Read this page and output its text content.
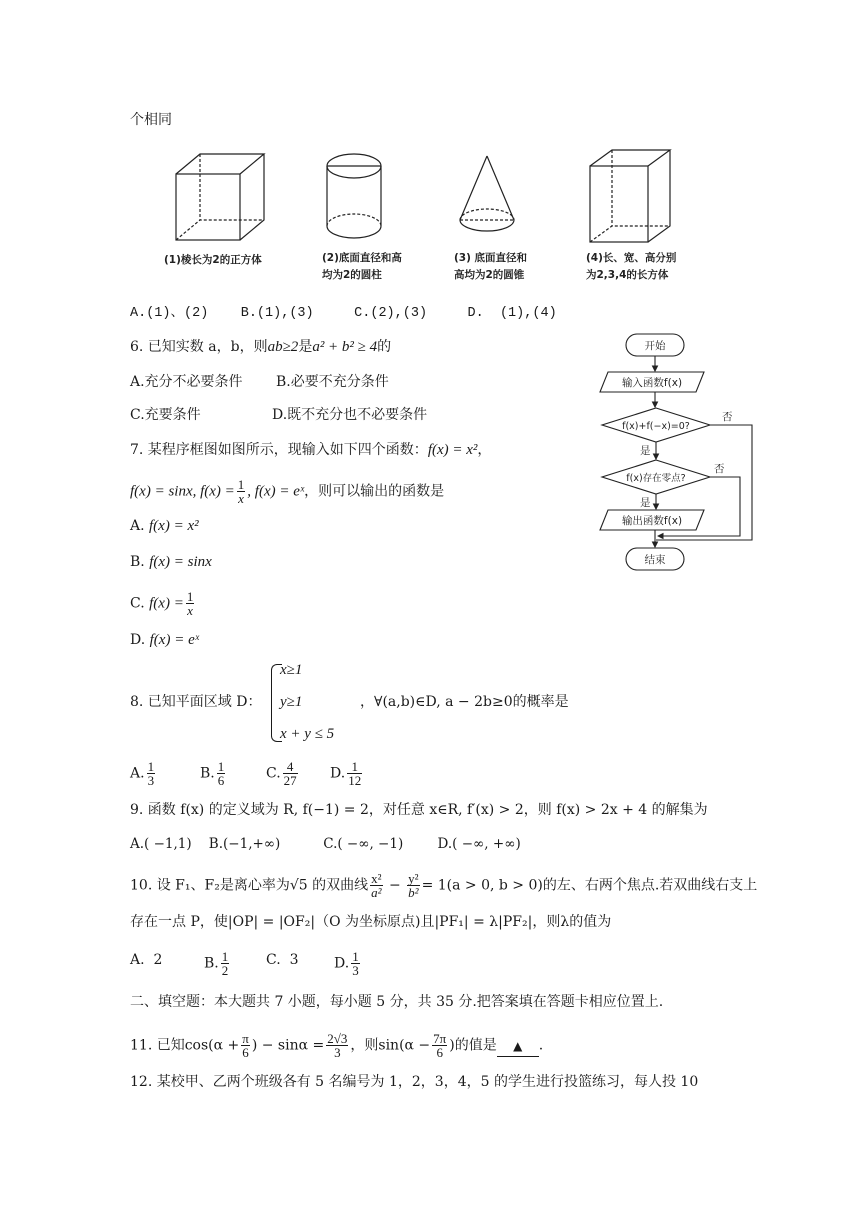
个相同
(1)棱长为2的正方体	(2)底面直径和高
均为2的圆柱
(3) 底面直径和
高均为2的圆锥
(4)长、宽、高分别
为2,3,4的长方体
A.(1)、(2)    B.(1),(3)     C.(2),(3)     D.  (1),(4)
6. 已知实数 a，b，则ab≥2是a² + b² ≥ 4的
A.充分不必要条件 B.必要不充分条件
C.充要条件	D.既不充分也不必要条件
7. 某程序框图如图所示，现输入如下四个函数：f(x) = x²，
f(x) = sinx, $f(x) = \frac{1}{x}$ , f(x) = eˣ，则可以输出的函数是
A. f(x) = x²
B. f(x) = sinx
C. $f(x) = \frac{1}{x}$
D. f(x) = eˣ
开始
输入函数f(x)
f(x)+f(−x)=0?
f(x)存在零点?
输出函数f(x)
结束
是
是
否
否
8. 已知平面区域 D：
x≥1
y≥1
x + y ≤ 5
，∀(a,b)∈D, a − 2b≥0的概率是
A. $\frac{1}{3}$	B. $\frac{1}{6}$	C. $\frac{4}{27} D$. $\frac{1}{12}$
9. 函数 f(x) 的定义域为 R, f(−1) = 2，对任意 x∈R, f′(x) > 2，则 f(x) > 2x + 4 的解集为
A.( −1,1)    B.(−1,+∞)          C.( −∞, −1)        D.( −∞, +∞)
10. 设 F₁、F₂是离心率为√5 的双曲线 $\frac{\text{x²}}{\text{a²}} - \frac{\text{y²}}{\text{b²}} = 1(a > 0$, b > 0)的左、右两个焦点.若双曲线右支上
存在一点 P，使|OP| = |OF₂|（O 为坐标原点)且|PF₁| = λ|PF₂|，则λ的值为
A.  2	B. $\frac{1}{2}$	C.  3	D. $\frac{1}{3}$
二、填空题：本大题共 7 小题，每小题 5 分，共 35 分.把答案填在答题卡相应位置上.
11. 已知$\cos(\alpha + \frac{\pi}{6}$ ) − $\sin\alpha = \frac{2√3}{3}$ ，则$\sin(\alpha - \frac{7\pi}{6}$ )的值是 ▲ .
12. 某校甲、乙两个班级各有 5 名编号为 1，2，3，4，5 的学生进行投篮练习，每人投 10
